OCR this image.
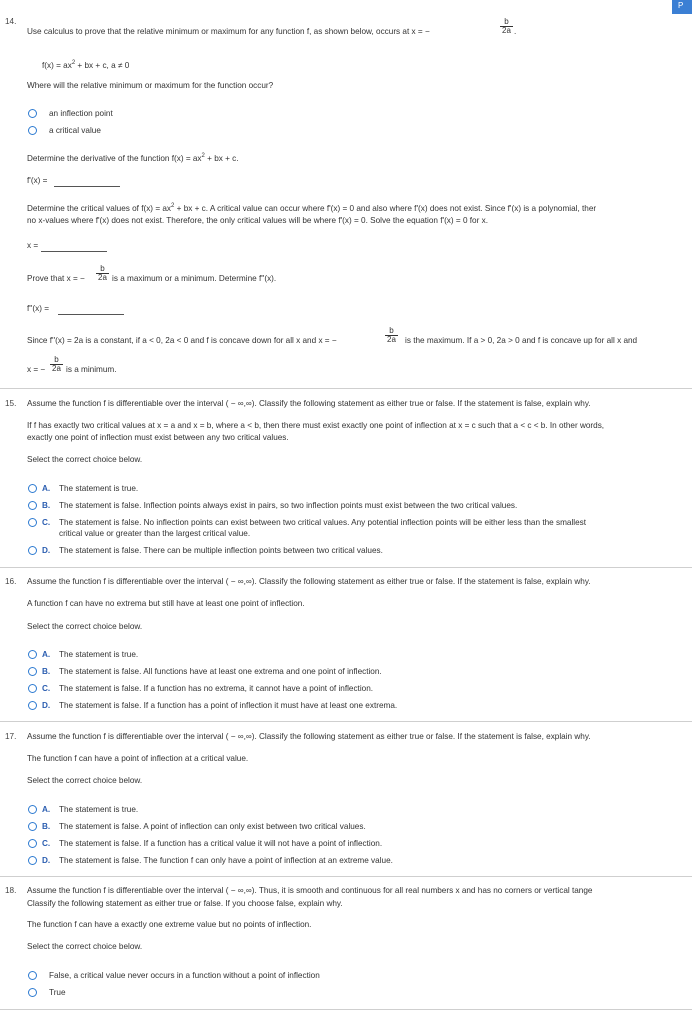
P
14.
Use calculus to prove that the relative minimum or maximum for any function f, as shown below, occurs at x = −	$\frac{b}{2a}$ .
$f(x) = ax^2$ + bx + c, a ≠ 0
Where will the relative minimum or maximum for the function occur?
an inflection point
a critical value
Determine the derivative of the function $f(x) = ax^2$ + bx + c.
f'(x) =
Determine the critical values of $f(x) = ax^2$ + bx + c. A critical value can occur where f'(x) = 0 and also where f'(x) does not exist. Since f'(x) is a polynomial, ther
no x-values where f'(x) does not exist. Therefore, the only critical values will be where f'(x) = 0. Solve the equation f'(x) = 0 for x.
x =
Prove that x = − $\frac{b}{2a}$ is a maximum or a minimum. Determine f''(x).
f''(x) =
Since f''(x) = 2a is a constant, if a < 0, 2a < 0 and f is concave down for all x and x = −	$\frac{b}{2a}$ is the maximum. If a > 0, 2a > 0 and f is concave up for all x and
x = − $\frac{b}{2a}$ is a minimum.
15. Assume the function f is differentiable over the interval ( − ∞,∞). Classify the following statement as either true or false. If the statement is false, explain why.
If f has exactly two critical values at x = a and x = b, where a < b, then there must exist exactly one point of inflection at x = c such that a < c < b. In other words,
exactly one point of inflection must exist between any two critical values.
Select the correct choice below.
A. The statement is true.
B. The statement is false. Inflection points always exist in pairs, so two inflection points must exist between the two critical values.
C. The statement is false. No inflection points can exist between two critical values. Any potential inflection points will be either less than the smallest
critical value or greater than the largest critical value.
D. The statement is false. There can be multiple inflection points between two critical values.
16. Assume the function f is differentiable over the interval ( − ∞,∞). Classify the following statement as either true or false. If the statement is false, explain why.
A function f can have no extrema but still have at least one point of inflection.
Select the correct choice below.
A. The statement is true.
B. The statement is false. All functions have at least one extrema and one point of inflection.
C. The statement is false. If a function has no extrema, it cannot have a point of inflection.
D. The statement is false. If a function has a point of inflection it must have at least one extrema.
17. Assume the function f is differentiable over the interval ( − ∞,∞). Classify the following statement as either true or false. If the statement is false, explain why.
The function f can have a point of inflection at a critical value.
Select the correct choice below.
A. The statement is true.
B. The statement is false. A point of inflection can only exist between two critical values.
C. The statement is false. If a function has a critical value it will not have a point of inflection.
D. The statement is false. The function f can only have a point of inflection at an extreme value.
18. Assume the function f is differentiable over the interval ( − ∞,∞). Thus, it is smooth and continuous for all real numbers x and has no corners or vertical tange
Classify the following statement as either true or false. If you choose false, explain why.
The function f can have a exactly one extreme value but no points of inflection.
Select the correct choice below.
False, a critical value never occurs in a function without a point of inflection
True
